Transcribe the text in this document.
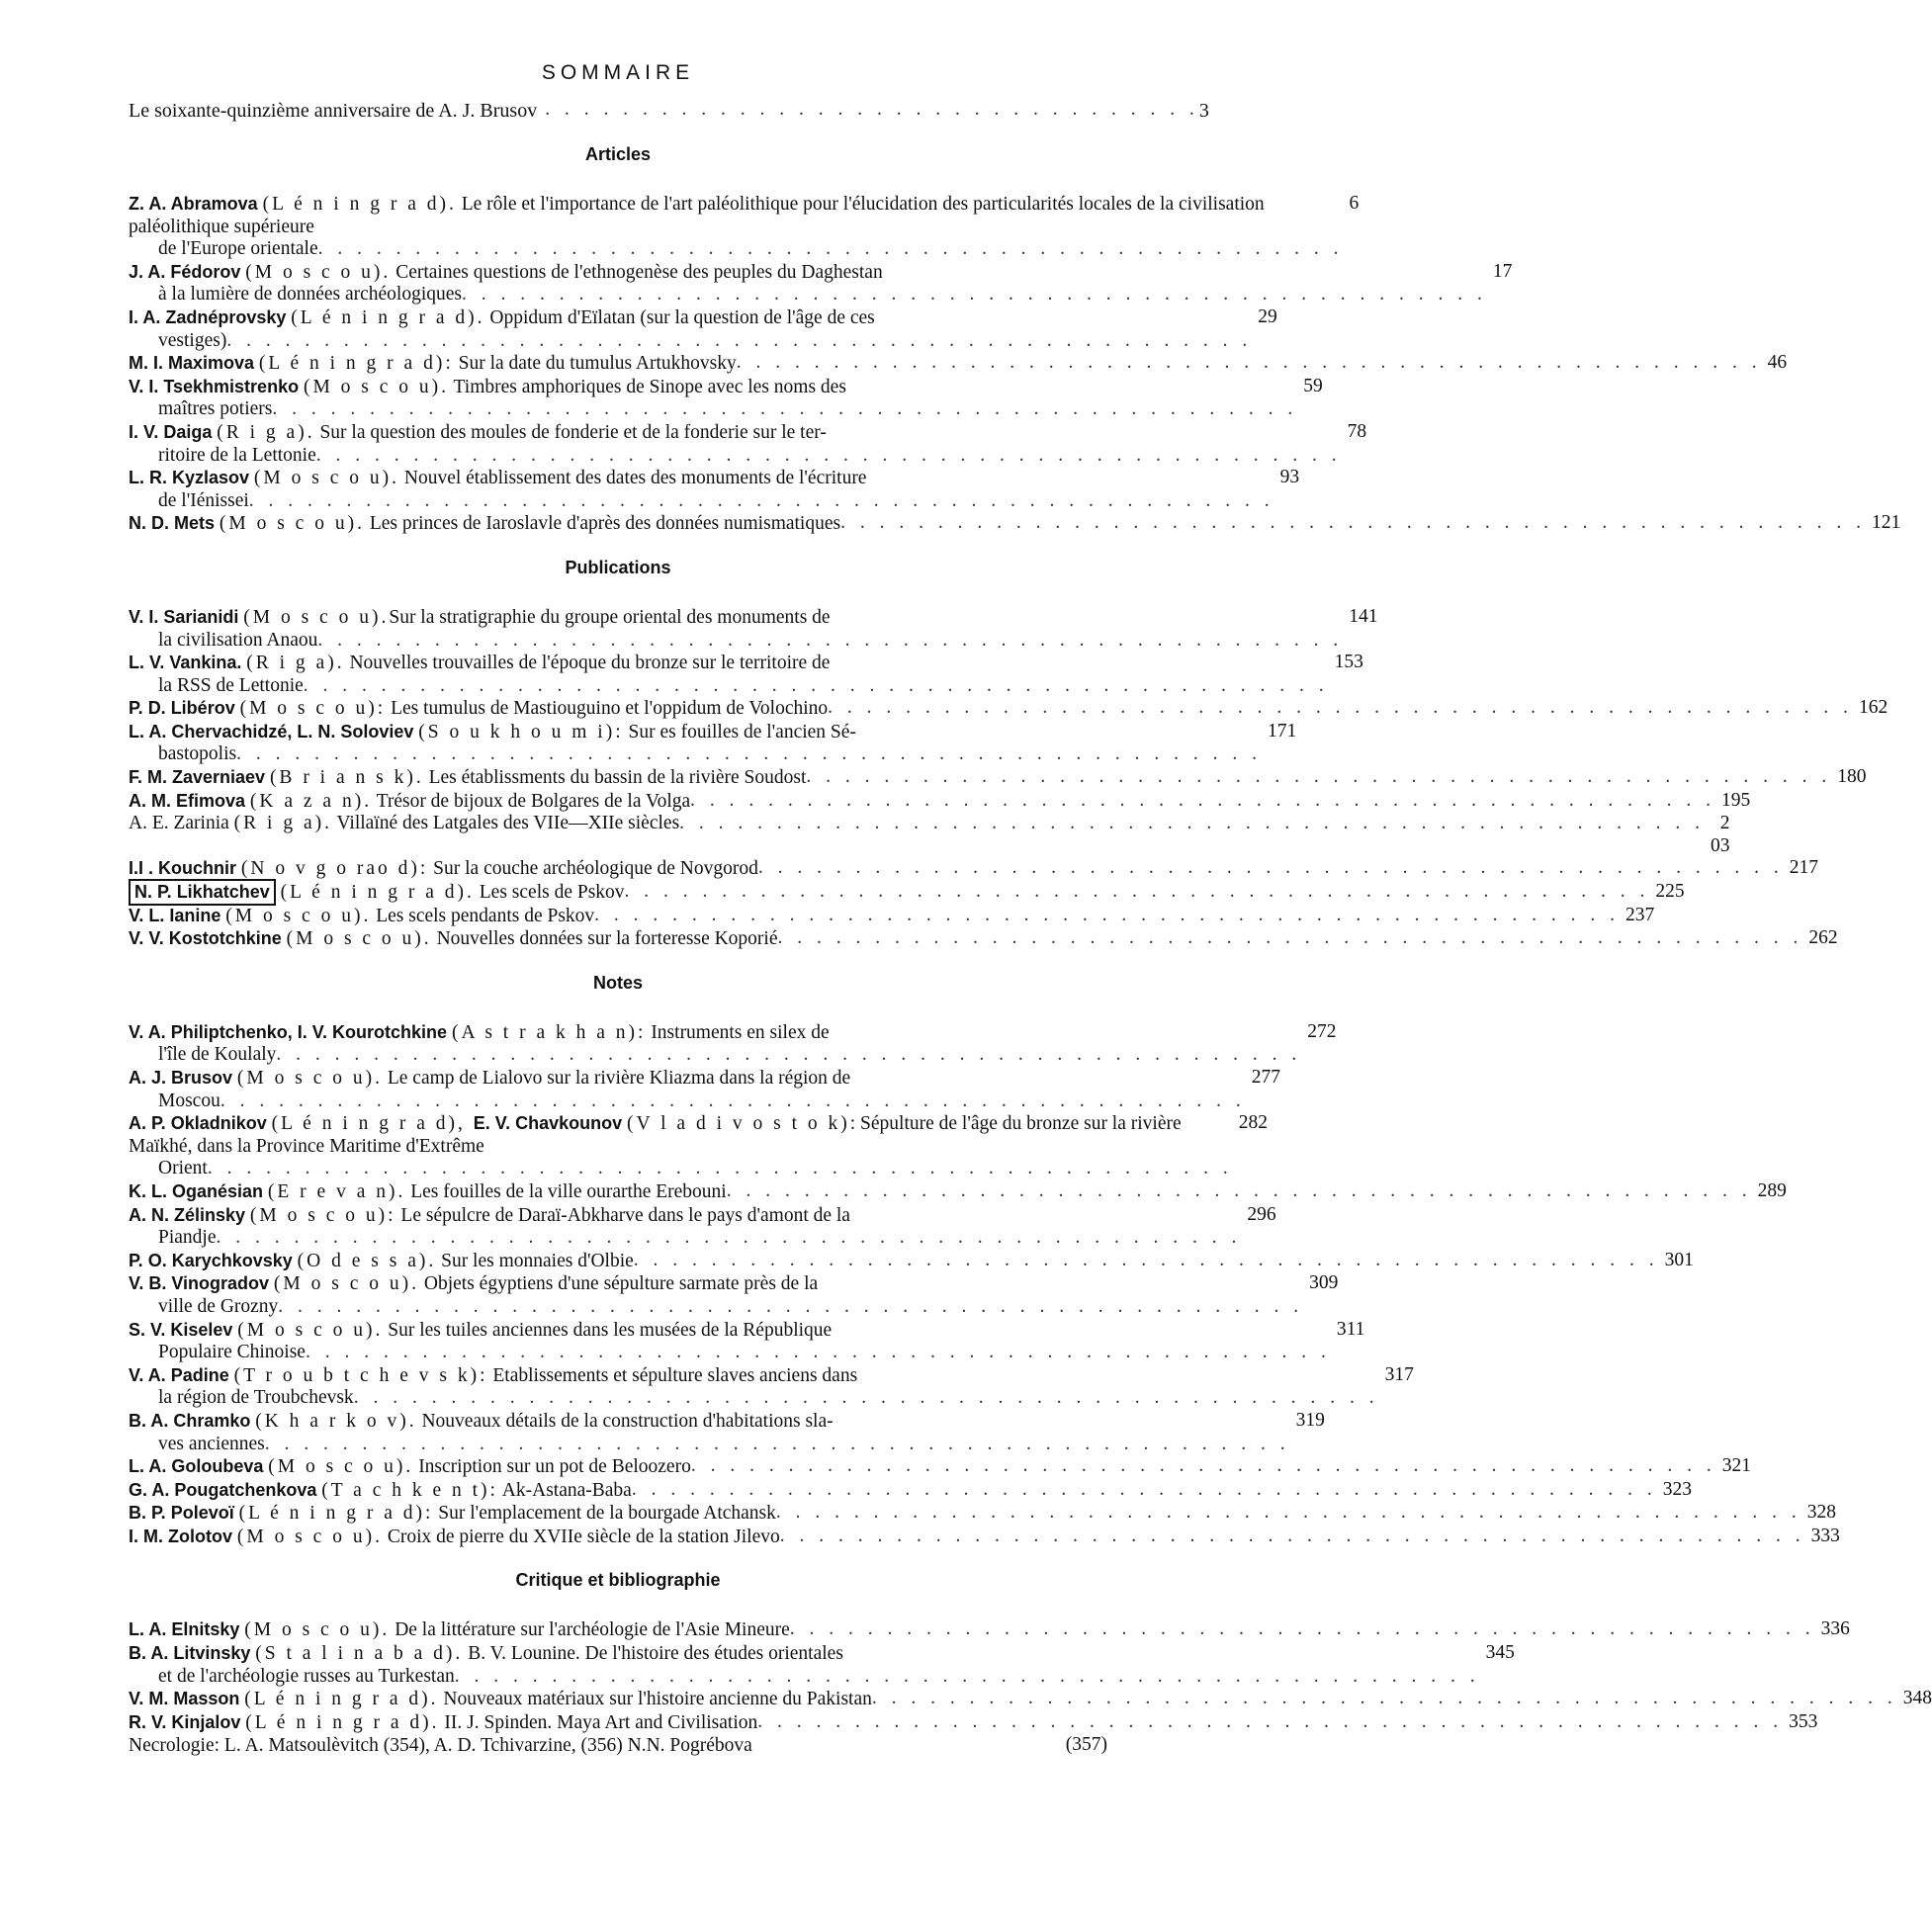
SOMMAIRE
Le soixante-quinzième anniversaire de A. J. Brusov . . . . . . . . . . . . . . . . . . . . . . . . . . . . . . . . . . 3
Articles
Z. A. Abramova (L é n i n g r a d). Le rôle et l'importance de l'art paléolithique pour l'élucidation des particularités locales de la civilisation paléolithique supérieure
de l'Europe orientale . . . . . . . . . . . . . . . . . . . . . . . . . . . . . . . . . . . . . . . . . . . . . . . . . . . . .
6
J. A. Fédorov (M o s c o u). Certaines questions de l'ethnogenèse des peuples du Daghestan
à la lumière de données archéologiques . . . . . . . . . . . . . . . . . . . . . . . . . . . . . . . . . . . . . . . . . . . . . . . . . . . . .
17
I. A. Zadnéprovsky (L é n i n g r a d). Oppidum d'Eïlatan (sur la question de l'âge de ces
vestiges) . . . . . . . . . . . . . . . . . . . . . . . . . . . . . . . . . . . . . . . . . . . . . . . . . . . . .
29
M. I. Maximova (L é n i n g r a d): Sur la date du tumulus Artukhovsky . . . . . . . . . . . . . . . . . . . . . . . . . . . . . . . . . . . . . . . . . . . . . . . . . . . . . 46
V. I. Tsekhmistrenko (M o s c o u). Timbres amphoriques de Sinope avec les noms des
maîtres potiers . . . . . . . . . . . . . . . . . . . . . . . . . . . . . . . . . . . . . . . . . . . . . . . . . . . . .
59
I. V. Daiga (R i g a). Sur la question des moules de fonderie et de la fonderie sur le ter-
ritoire de la Lettonie . . . . . . . . . . . . . . . . . . . . . . . . . . . . . . . . . . . . . . . . . . . . . . . . . . . . .
78
L. R. Kyzlasov (M o s c o u). Nouvel établissement des dates des monuments de l'écriture
de l'Iénissei . . . . . . . . . . . . . . . . . . . . . . . . . . . . . . . . . . . . . . . . . . . . . . . . . . . . .
93
N. D. Mets (M o s c o u). Les princes de Iaroslavle d'après des données numismatiques . . . . . . . . . . . . . . . . . . . . . . . . . . . . . . . . . . . . . . . . . . . . . . . . . . . . . 121
Publications
V. I. Sarianidi (M o s c o u).Sur la stratigraphie du groupe oriental des monuments de
la civilisation Anaou . . . . . . . . . . . . . . . . . . . . . . . . . . . . . . . . . . . . . . . . . . . . . . . . . . . . .
141
L. V. Vankina. (R i g a). Nouvelles trouvailles de l'époque du bronze sur le territoire de
la RSS de Lettonie . . . . . . . . . . . . . . . . . . . . . . . . . . . . . . . . . . . . . . . . . . . . . . . . . . . . .
153
P. D. Libérov (M o s c o u): Les tumulus de Mastiouguino et l'oppidum de Volochino . . . . . . . . . . . . . . . . . . . . . . . . . . . . . . . . . . . . . . . . . . . . . . . . . . . . . 162
L. A. Chervachidzé, L. N. Soloviev (S o u k h o u m i): Sur es fouilles de l'ancien Sé-
bastopolis . . . . . . . . . . . . . . . . . . . . . . . . . . . . . . . . . . . . . . . . . . . . . . . . . . . . .
171
F. M. Zaverniaev (B r i a n s k). Les établissments du bassin de la rivière Soudost . . . . . . . . . . . . . . . . . . . . . . . . . . . . . . . . . . . . . . . . . . . . . . . . . . . . . 180
A. M. Efimova (K a z a n). Trésor de bijoux de Bolgares de la Volga . . . . . . . . . . . . . . . . . . . . . . . . . . . . . . . . . . . . . . . . . . . . . . . . . . . . . 195
A. E. Zarinia (R i g a). Villaïné des Latgales des VIIe—XIIe siècles . . . . . . . . . . . . . . . . . . . . . . . . . . . . . . . . . . . . . . . . . . . . . . . . . . . . . 2 03
I.I . Kouchnir (N o v g o rao d): Sur la couche archéologique de Novgorod . . . . . . . . . . . . . . . . . . . . . . . . . . . . . . . . . . . . . . . . . . . . . . . . . . . . . 217
N. P. Likhatchev (L é n i n g r a d). Les scels de Pskov . . . . . . . . . . . . . . . . . . . . . . . . . . . . . . . . . . . . . . . . . . . . . . . . . . . . . 225
V. L. Ianine (M o s c o u). Les scels pendants de Pskov . . . . . . . . . . . . . . . . . . . . . . . . . . . . . . . . . . . . . . . . . . . . . . . . . . . . . 237
V. V. Kostotchkine (M o s c o u). Nouvelles données sur la forteresse Koporié . . . . . . . . . . . . . . . . . . . . . . . . . . . . . . . . . . . . . . . . . . . . . . . . . . . . . 262
Notes
V. A. Philiptchenko, I. V. Kourotchkine (A s t r a k h a n): Instruments en silex de
l'île de Koulaly . . . . . . . . . . . . . . . . . . . . . . . . . . . . . . . . . . . . . . . . . . . . . . . . . . . . .
272
A. J. Brusov (M o s c o u). Le camp de Lialovo sur la rivière Kliazma dans la région de
Moscou . . . . . . . . . . . . . . . . . . . . . . . . . . . . . . . . . . . . . . . . . . . . . . . . . . . . .
277
A. P. Okladnikov (L é n i n g r a d), E. V. Chavkounov (V l a d i v o s t o k): Sépulture de l'âge du bronze sur la rivière Maïkhé, dans la Province Maritime d'Extrême
Orient . . . . . . . . . . . . . . . . . . . . . . . . . . . . . . . . . . . . . . . . . . . . . . . . . . . . .
282
K. L. Oganésian (E r e v a n). Les fouilles de la ville ourarthe Erebouni . . . . . . . . . . . . . . . . . . . . . . . . . . . . . . . . . . . . . . . . . . . . . . . . . . . . . 289
A. N. Zélinsky (M o s c o u): Le sépulcre de Daraï-Abkharve dans le pays d'amont de la
Piandje . . . . . . . . . . . . . . . . . . . . . . . . . . . . . . . . . . . . . . . . . . . . . . . . . . . . .
296
P. O. Karychkovsky (O d e s s a). Sur les monnaies d'Olbie . . . . . . . . . . . . . . . . . . . . . . . . . . . . . . . . . . . . . . . . . . . . . . . . . . . . . 301
V. B. Vinogradov (M o s c o u). Objets égyptiens d'une sépulture sarmate près de la
ville de Grozny . . . . . . . . . . . . . . . . . . . . . . . . . . . . . . . . . . . . . . . . . . . . . . . . . . . . .
309
S. V. Kiselev (M o s c o u). Sur les tuiles anciennes dans les musées de la République
Populaire Chinoise . . . . . . . . . . . . . . . . . . . . . . . . . . . . . . . . . . . . . . . . . . . . . . . . . . . . .
311
V. A. Padine (T r o u b t c h e v s k): Etablissements et sépulture slaves anciens dans
la région de Troubchevsk . . . . . . . . . . . . . . . . . . . . . . . . . . . . . . . . . . . . . . . . . . . . . . . . . . . . .
317
B. A. Chramko (K h a r k o v). Nouveaux détails de la construction d'habitations sla-
ves anciennes . . . . . . . . . . . . . . . . . . . . . . . . . . . . . . . . . . . . . . . . . . . . . . . . . . . . .
319
L. A. Goloubeva (M o s c o u). Inscription sur un pot de Beloozero . . . . . . . . . . . . . . . . . . . . . . . . . . . . . . . . . . . . . . . . . . . . . . . . . . . . . 321
G. A. Pougatchenkova (T a c h k e n t): Ak-Astana-Baba . . . . . . . . . . . . . . . . . . . . . . . . . . . . . . . . . . . . . . . . . . . . . . . . . . . . . 323
B. P. Polevoï (L é n i n g r a d): Sur l'emplacement de la bourgade Atchansk . . . . . . . . . . . . . . . . . . . . . . . . . . . . . . . . . . . . . . . . . . . . . . . . . . . . . 328
I. M. Zolotov (M o s c o u). Croix de pierre du XVIIe siècle de la station Jilevo . . . . . . . . . . . . . . . . . . . . . . . . . . . . . . . . . . . . . . . . . . . . . . . . . . . . . 333
Critique et bibliographie
L. A. Elnitsky (M o s c o u). De la littérature sur l'archéologie de l'Asie Mineure . . . . . . . . . . . . . . . . . . . . . . . . . . . . . . . . . . . . . . . . . . . . . . . . . . . . . 336
B. A. Litvinsky (S t a l i n a b a d). B. V. Lounine. De l'histoire des études orientales
et de l'archéologie russes au Turkestan . . . . . . . . . . . . . . . . . . . . . . . . . . . . . . . . . . . . . . . . . . . . . . . . . . . . .
345
V. M. Masson (L é n i n g r a d). Nouveaux matériaux sur l'histoire ancienne du Pakistan . . . . . . . . . . . . . . . . . . . . . . . . . . . . . . . . . . . . . . . . . . . . . . . . . . . . . 348
R. V. Kinjalov (L é n i n g r a d). II. J. Spinden. Maya Art and Civilisation . . . . . . . . . . . . . . . . . . . . . . . . . . . . . . . . . . . . . . . . . . . . . . . . . . . . . 353
Necrologie: L. A. Matsoulèvitch (354), A. D. Tchivarzine, (356) N.N. Pogrébova	(357)
